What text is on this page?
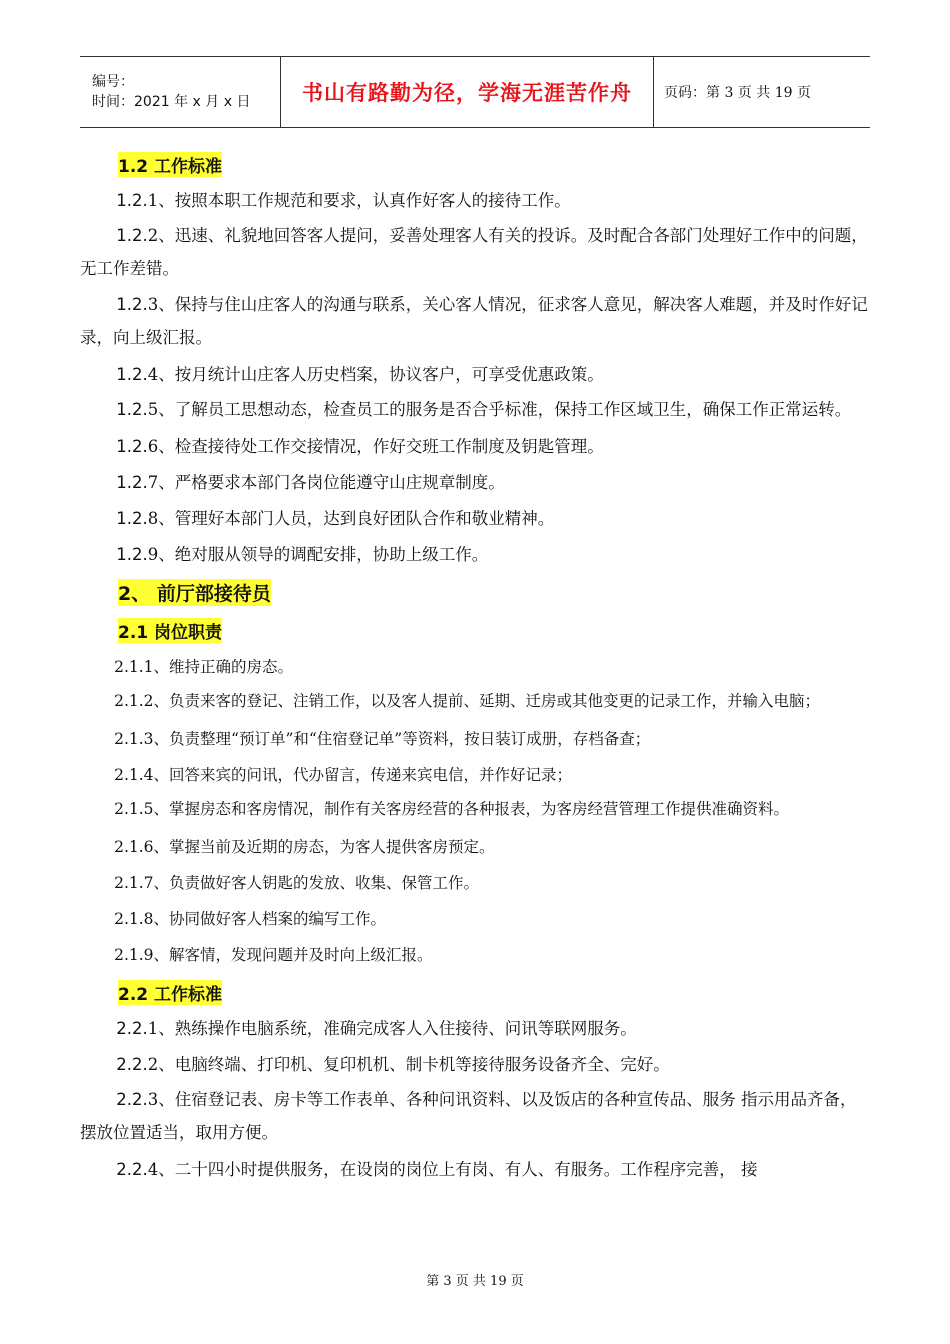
编号：
时间：2021 年 x 月 x 日	书山有路勤为径，学海无涯苦作舟 页码：第 3 页 共 19 页
1.2 工作标准

1.2.1、按照本职工作规范和要求，认真作好客人的接待工作。

1.2.2、迅速、礼貌地回答客人提问，妥善处理客人有关的投诉。及时配合各部门处理好工作中的问题，无工作差错。

1.2.3、保持与住山庄客人的沟通与联系，关心客人情况，征求客人意见，解决客人难题，并及时作好记录，向上级汇报。

1.2.4、按月统计山庄客人历史档案，协议客户，可享受优惠政策。

1.2.5、了解员工思想动态，检查员工的服务是否合乎标准，保持工作区域卫生，确保工作正常运转。

1.2.6、检查接待处工作交接情况，作好交班工作制度及钥匙管理。

1.2.7、严格要求本部门各岗位能遵守山庄规章制度。

1.2.8、管理好本部门人员，达到良好团队合作和敬业精神。

1.2.9、绝对服从领导的调配安排，协助上级工作。

2、 前厅部接待员
2.1 岗位职责

2.1.1、维持正确的房态。

2.1.2、负责来客的登记、注销工作，以及客人提前、延期、迁房或其他变更的记录工作，并输入电脑；

2.1.3、负责整理“预订单”和“住宿登记单”等资料，按日装订成册，存档备查；

2.1.4、回答来宾的问讯，代办留言，传递来宾电信，并作好记录；

2.1.5、掌握房态和客房情况，制作有关客房经营的各种报表，为客房经营管理工作提供准确资料。

2.1.6、掌握当前及近期的房态，为客人提供客房预定。

2.1.7、负责做好客人钥匙的发放、收集、保管工作。

2.1.8、协同做好客人档案的编写工作。

2.1.9、解客情，发现问题并及时向上级汇报。

2.2 工作标准

2.2.1、熟练操作电脑系统，准确完成客人入住接待、问讯等联网服务。

2.2.2、电脑终端、打印机、复印机机、制卡机等接待服务设备齐全、完好。

2.2.3、住宿登记表、房卡等工作表单、各种问讯资料、以及饭店的各种宣传品、服务 指示用品齐备，摆放位置适当，取用方便。

2.2.4、二十四小时提供服务，在设岗的岗位上有岗、有人、有服务。工作程序完善， 接

第 3 页 共 19 页
